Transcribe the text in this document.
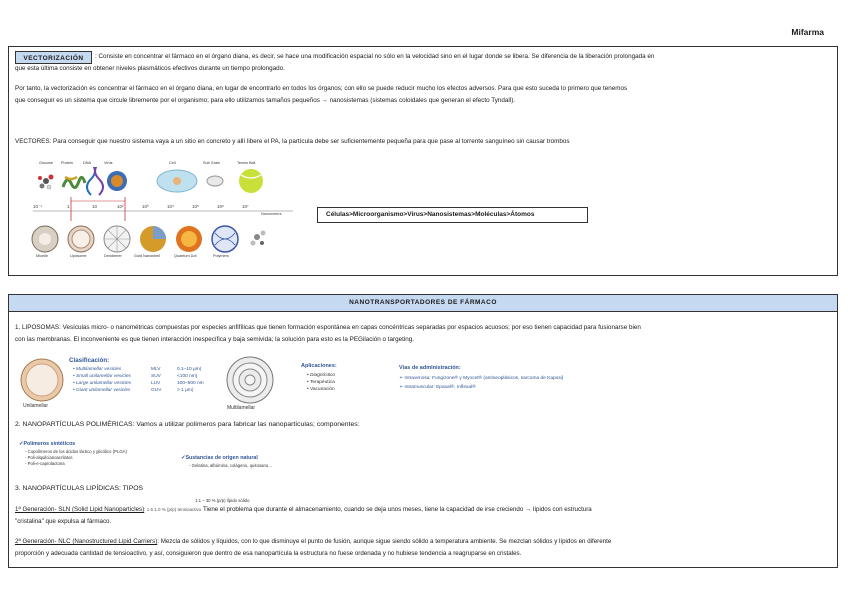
Mifarma
VECTORIZACIÓN	: Consiste en concentrar el fármaco en el órgano diana, es decir, se hace una modificación espacial no sólo en la velocidad sino en el lugar donde se libera. Se diferencia de la liberación prolongada en
que esta última consiste en obtener niveles plasmáticos efectivos durante un tiempo prolongado.
Por tanto, la vectorización es concentrar el fármaco en el órgano diana, en lugar de encontrarlo en todos los órganos; con ello se puede reducir mucho los efectos adversos. Para que esto suceda lo primero que tenemos
que conseguir es un sistema que circule libremente por el organismo; para ello utilizamos tamaños pequeños → nanosistemas (sistemas coloidales que generan el efecto Tyndall).
VECTORES: Para conseguir que nuestro sistema vaya a un sitio en concreto y allí libere el PA, la partícula debe ser suficientemente pequeña para que pase al torrente sanguíneo sin causar trombos
Glucose Protein	DNA	Virus	Cell	Sub Grain	Tennis Ball
10⁻¹	1	10	10²	10³	10⁴	10⁵	10⁶	10⁷
Nanometers
Micelle	Liposome	Dendrimer	Gold Nanoshell	Quantum Dot	Polymers
Células>Microorganismo>Virus>Nanosistemas>Moléculas>Átomos
NANOTRANSPORTADORES DE FÁRMACO
1. LIPOSOMAS: Vesículas micro- o nanométricas compuestas por especies anfifílicas que tienen formación espontánea en capas concéntricas separadas por espacios acuosos; por eso tienen capacidad para fusionarse bien
con las membranas. El inconveniente es que tienen interacción inespecífica y baja semivida; la solución para esto es la PEGilación o targeting.
Unilamellar
Clasificación:
• Multilamellar vesicles	MLV	0.1–10 µm)
• Small unilamellar vesicles	SUV	<100 nm)
• Large unilamellar vesicles	LUV	100–500 nm
• Giant unilamellar vesicles	GUV	> 1 µm)
Multilamellar
Aplicaciones:
• Diagnóstico
• Terapéutica
• Vacunación
Vías de administración:
➢ Intravenosa: Fungizone® y Myocet® (antineoplásicos, sarcoma de Kaposi)
➢ Intramuscular: Epaxal®, Inflexal®
2. NANOPARTÍCULAS POLIMÉRICAS: Vamos a utilizar polímeros para fabricar las nanopartículas; componentes:
✓Polímeros sintéticos
- Copolímeros de los ácidos láctico y glicólico (PLGA)
- Poli-alquilcianoacrilatos
- Poli-e-caprolactona
✓Sustancias de origen natural
- Gelatina, albúmina, colágeno, quitosano...
3. NANOPARTÍCULAS LIPÍDICAS: TIPOS
1:1 – 30 % (p/p) lípido sólido
1ª Generación- SLN (Solid Lipid Nanoparticles): 1.5 1.0 % (p/p) tensioactivo Tiene el problema que durante el almacenamiento, cuando se deja unos meses, tiene la capacidad de irse creciendo → lípidos con estructura
"cristalina" que expulsa al fármaco.
2ª Generación- NLC (Nanostructured Lipid Carriers): Mezcla de sólidos y líquidos, con lo que disminuye el punto de fusión, aunque sigue siendo sólido a temperatura ambiente. Se mezclan sólidos y lípidos en diferente
proporción y adecuada cantidad de tensioactivo, y así, consiguieron que dentro de esa nanopartícula la estructura no fuese ordenada y no hubiese tendencia a reagruparse en cristales.
